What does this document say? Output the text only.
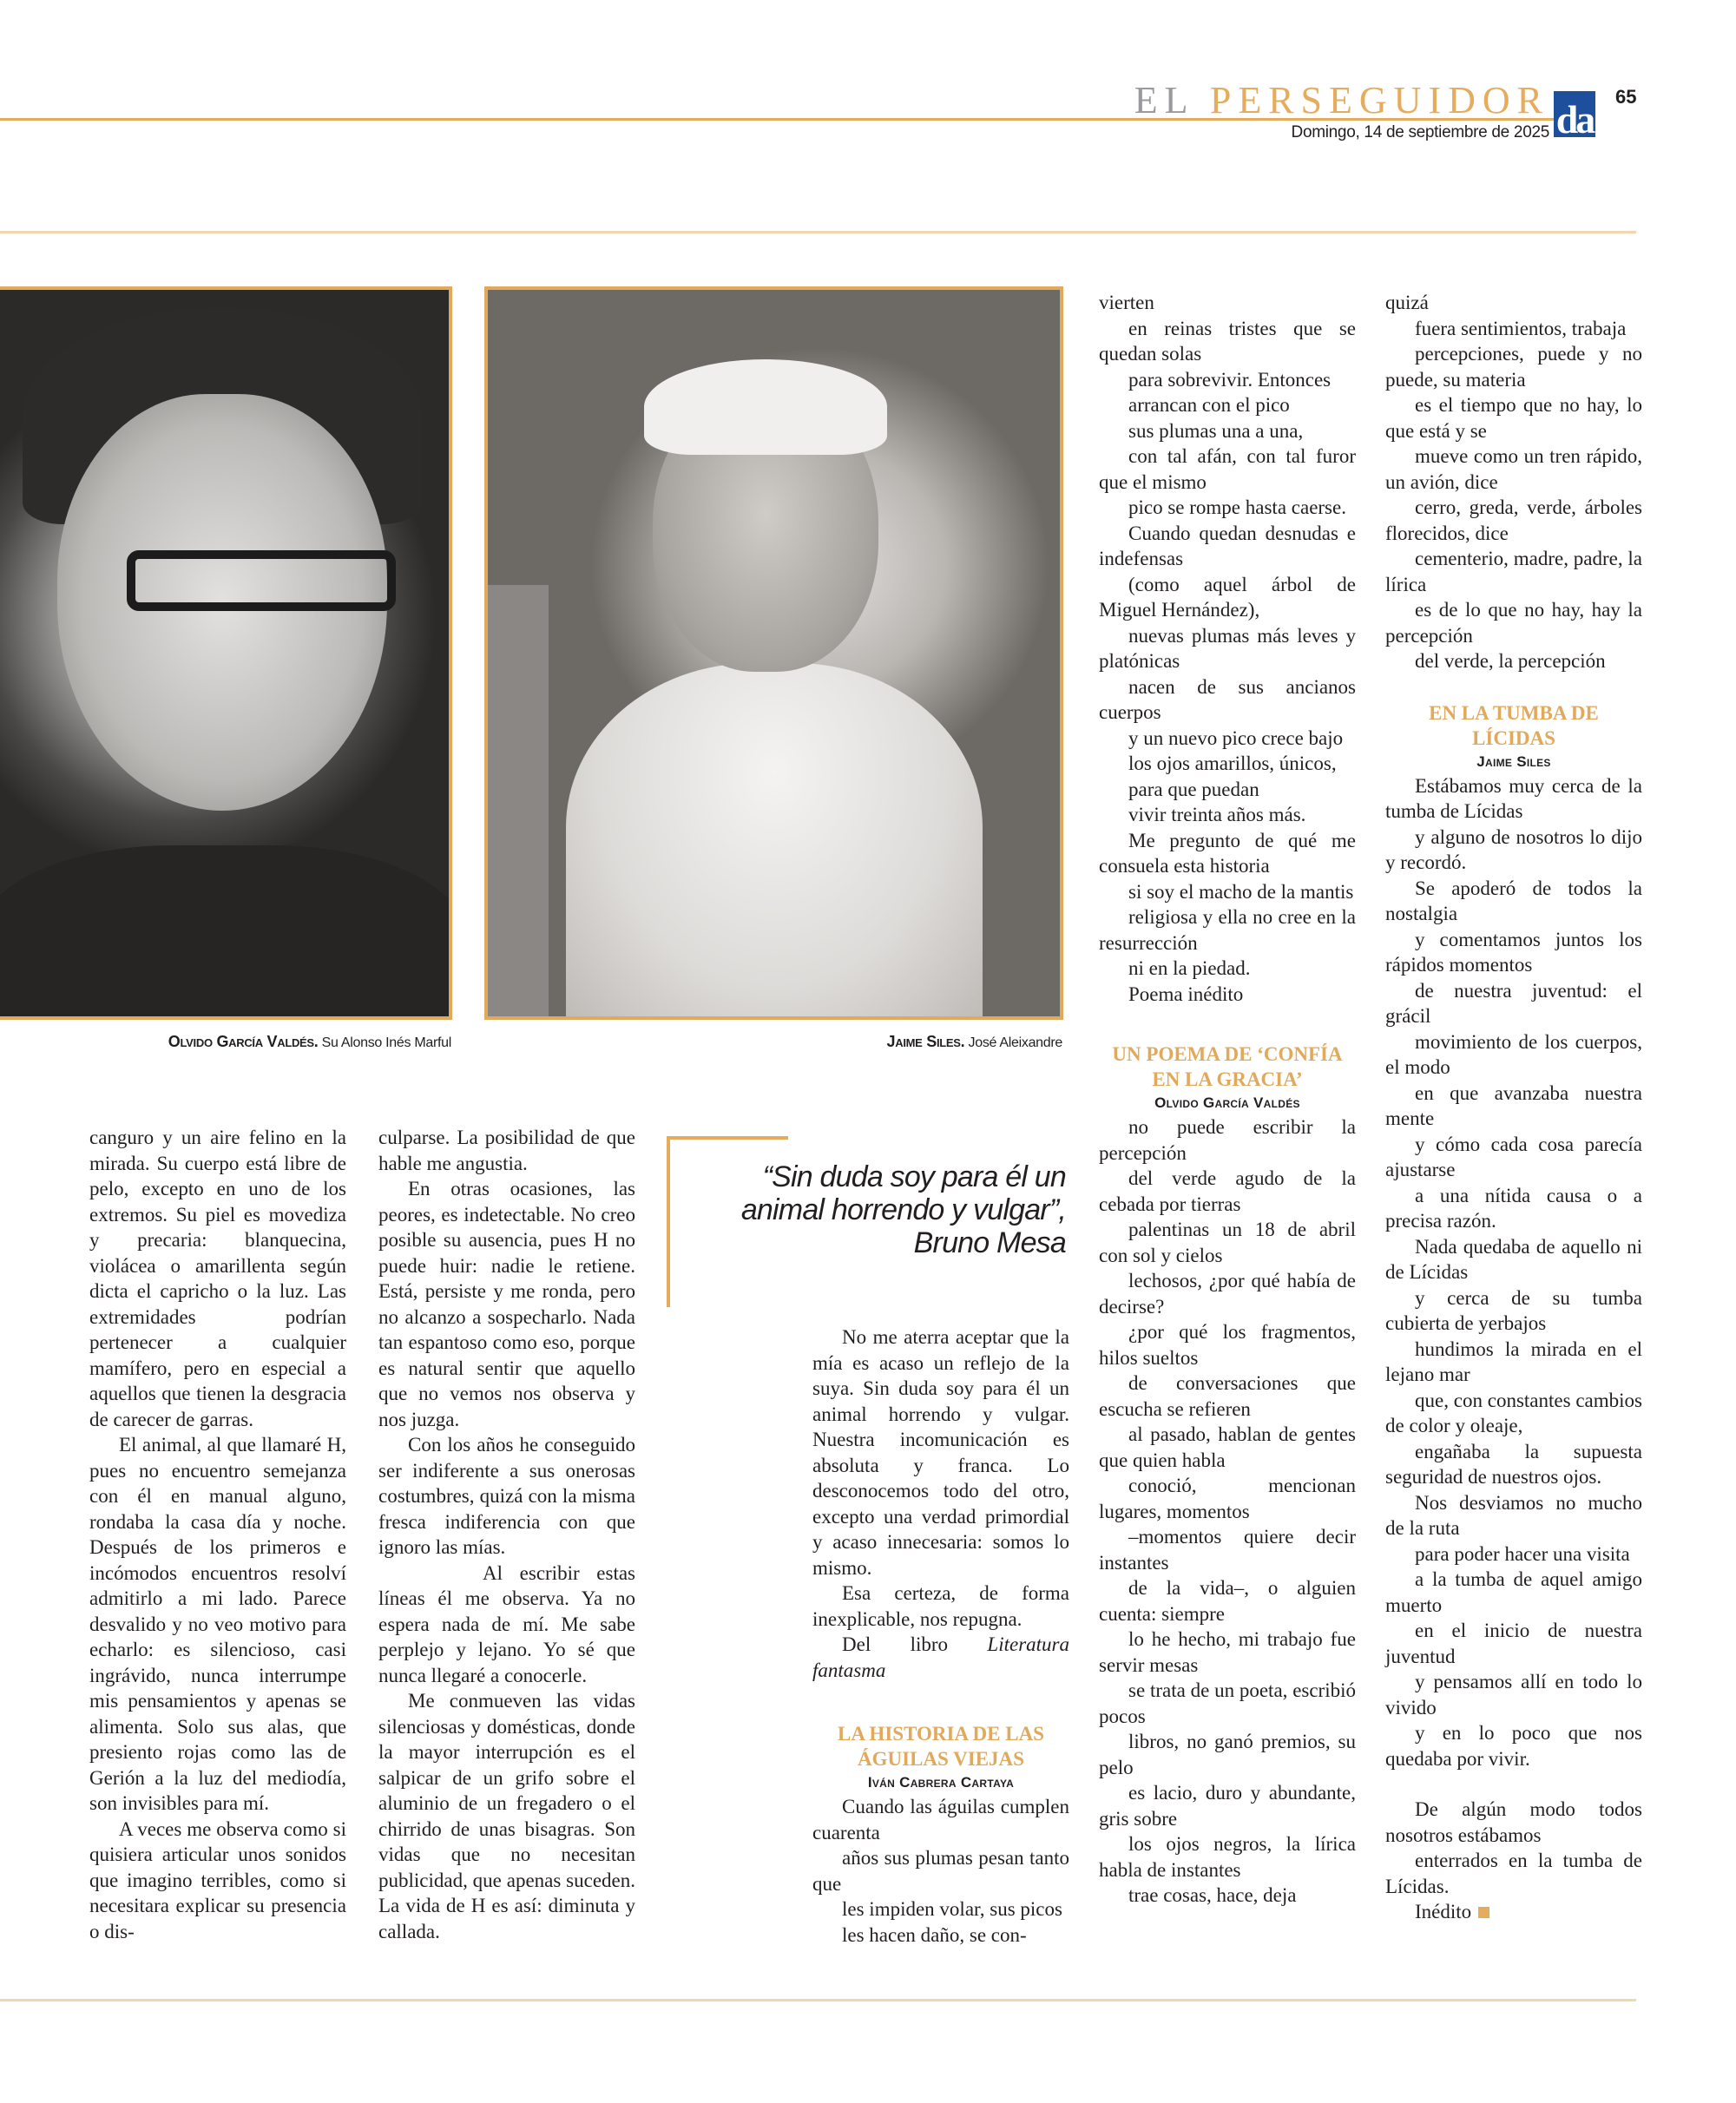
EL PERSEGUIDOR
Domingo, 14 de septiembre de 2025 da
65
Olvido García Valdés. Su Alonso Inés Marful	Jaime Siles. José Aleixandre

canguro y un aire felino en la mirada. Su cuerpo está libre de pelo, excepto en uno de los extremos. Su piel es movediza y precaria: blanquecina, violácea o amarillenta según dicta el capricho o la luz. Las extremidades podrían pertenecer a cualquier mamífero, pero en especial a aquellos que tienen la desgracia de carecer de garras.

El animal, al que llamaré H, pues no encuentro semejanza con él en manual alguno, rondaba la casa día y noche. Después de los primeros e incómodos encuentros resolví admitirlo a mi lado. Parece desvalido y no veo motivo para echarlo: es silencioso, casi ingrávido, nunca interrumpe mis pensamientos y apenas se alimenta. Solo sus alas, que presiento rojas como las de Gerión a la luz del mediodía, son invisibles para mí.

A veces me observa como si quisiera articular unos sonidos que imagino terribles, como si necesitara explicar su presencia o dis-

culparse. La posibilidad de que hable me angustia.

En otras ocasiones, las peores, es indetectable. No creo posible su ausencia, pues H no puede huir: nadie le retiene. Está, persiste y me ronda, pero no alcanzo a sospecharlo. Nada tan espantoso como eso, porque es natural sentir que aquello que no vemos nos observa y nos juzga.

Con los años he conseguido ser indiferente a sus onerosas costumbres, quizá con la misma fresca indiferencia con que ignoro las mías.

Al escribir estas líneas él me observa. Ya no espera nada de mí. Me sabe perplejo y lejano. Yo sé que nunca llegaré a conocerle.

Me conmueven las vidas silenciosas y domésticas, donde la mayor interrupción es el salpicar de un grifo sobre el aluminio de un fregadero o el chirrido de unas bisagras. Son vidas que no necesitan publicidad, que apenas suceden. La vida de H es así: diminuta y callada.

“Sin duda soy para él un animal horrendo y vulgar”,
Bruno Mesa

No me aterra aceptar que la mía es acaso un reflejo de la suya. Sin duda soy para él un animal horrendo y vulgar. Nuestra incomunicación es absoluta y franca. Lo desconocemos todo del otro, excepto una verdad primordial y acaso innecesaria: somos lo mismo.

Esa certeza, de forma inexplicable, nos repugna.

Del libro Literatura fantasma

LA HISTORIA DE LAS ÁGUILAS VIEJAS
Iván Cabrera Cartaya

Cuando las águilas cumplen cuarenta

años sus plumas pesan tanto que

les impiden volar, sus picos

les hacen daño, se con-

vierten

en reinas tristes que se quedan solas

para sobrevivir. Entonces

arrancan con el pico

sus plumas una a una,

con tal afán, con tal furor que el mismo

pico se rompe hasta caerse.

Cuando quedan desnudas e indefensas

(como aquel árbol de Miguel Hernández),

nuevas plumas más leves y platónicas

nacen de sus ancianos cuerpos

y un nuevo pico crece bajo

los ojos amarillos, únicos,

para que puedan

vivir treinta años más.

Me pregunto de qué me consuela esta historia

si soy el macho de la mantis

religiosa y ella no cree en la resurrección

ni en la piedad.

Poema inédito

UN POEMA DE ‘CONFÍA EN LA GRACIA’
Olvido García Valdés

no puede escribir la percepción

del verde agudo de la cebada por tierras

palentinas un 18 de abril con sol y cielos

lechosos, ¿por qué había de decirse?

¿por qué los fragmentos, hilos sueltos

de conversaciones que escucha se refieren

al pasado, hablan de gentes que quien habla

conoció, mencionan lugares, momentos

–momentos quiere decir instantes

de la vida–, o alguien cuenta: siempre

lo he hecho, mi trabajo fue servir mesas

se trata de un poeta, escribió pocos

libros, no ganó premios, su pelo

es lacio, duro y abundante, gris sobre

los ojos negros, la lírica habla de instantes

trae cosas, hace, deja

quizá

fuera sentimientos, trabaja

percepciones, puede y no puede, su materia

es el tiempo que no hay, lo que está y se

mueve como un tren rápido, un avión, dice

cerro, greda, verde, árboles florecidos, dice

cementerio, madre, padre, la lírica

es de lo que no hay, hay la percepción

del verde, la percepción

EN LA TUMBA DE LÍCIDAS
Jaime Siles

Estábamos muy cerca de la tumba de Lícidas

y alguno de nosotros lo dijo y recordó.

Se apoderó de todos la nostalgia

y comentamos juntos los rápidos momentos

de nuestra juventud: el grácil

movimiento de los cuerpos, el modo

en que avanzaba nuestra mente

y cómo cada cosa parecía ajustarse

a una nítida causa o a precisa razón.

Nada quedaba de aquello ni de Lícidas

y cerca de su tumba cubierta de yerbajos

hundimos la mirada en el lejano mar

que, con constantes cambios de color y oleaje,

engañaba la supuesta seguridad de nuestros ojos.

Nos desviamos no mucho de la ruta

para poder hacer una visita

a la tumba de aquel amigo muerto

en el inicio de nuestra juventud

y pensamos allí en todo lo vivido

y en lo poco que nos quedaba por vivir.

De algún modo todos nosotros estábamos

enterrados en la tumba de Lícidas.

Inédito
